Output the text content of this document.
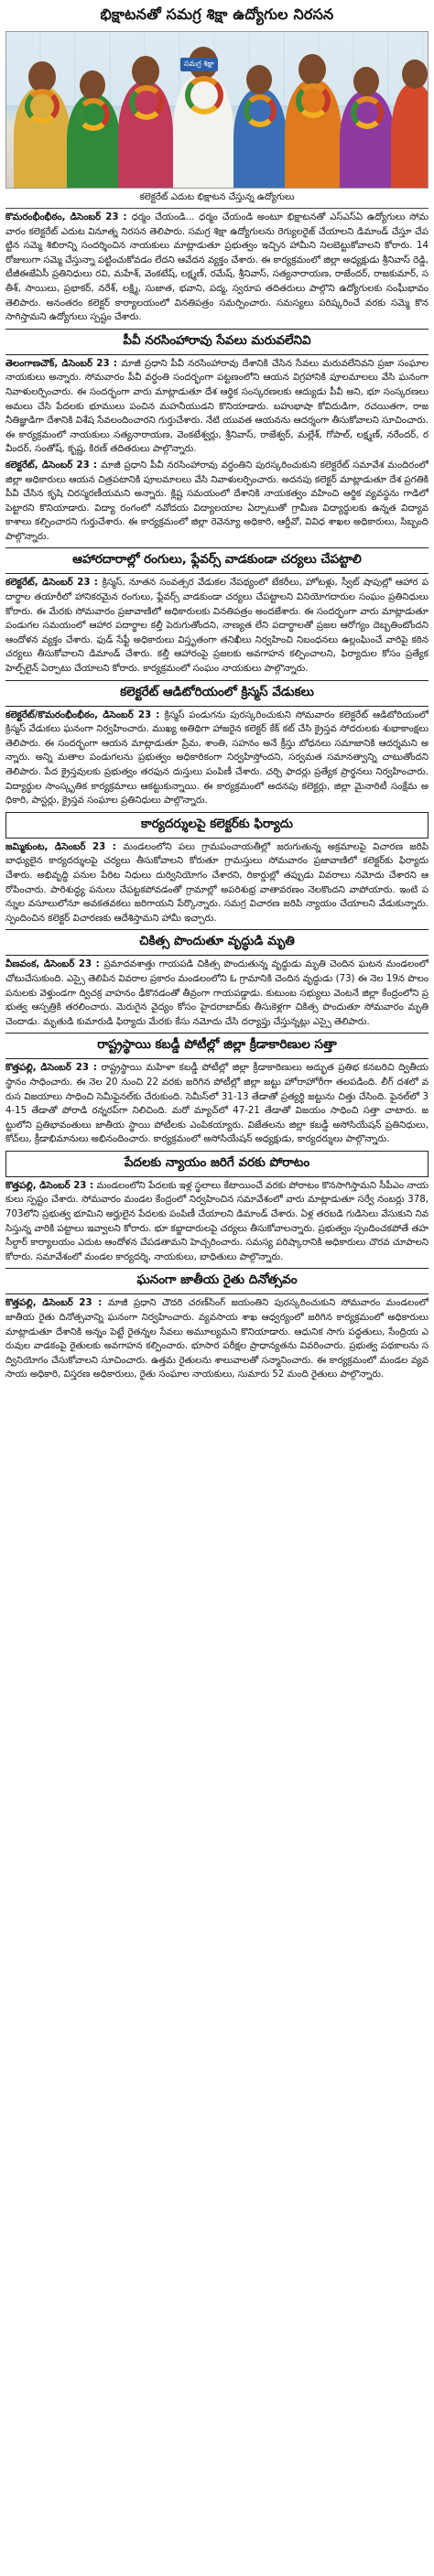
భిక్షాటనతో సమగ్ర శిక్షా ఉద్యోగుల నిరసన
సమగ్ర శిక్షా
కలెక్టరేట్ ఎదుట భిక్షాటన చేస్తున్న ఉద్యోగులు

కొమరంభీంభీఠం, డిసెంబర్ 23 : ధర్మం చేయండి... ధర్మం చేయండి అంటూ భిక్షాటనతో ఎస్ఎస్ఏ ఉద్యోగులు సోమవారం కలెక్టరేట్ ఎదుట వినూత్న నిరసన తెలిపారు. సమగ్ర శిక్షా ఉద్యోగులను రెగ్యులరైజ్ చేయాలని డిమాండ్ చేస్తూ చేపట్టిన సమ్మె శిబిరాన్ని సందర్శించిన నాయకులు మాట్లాడుతూ ప్రభుత్వం ఇచ్చిన హామీని నిలబెట్టుకోవాలని కోరారు. 14 రోజులుగా సమ్మె చేస్తున్నా పట్టించుకోవడం లేదని ఆవేదన వ్యక్తం చేశారు. ఈ కార్యక్రమంలో జిల్లా అధ్యక్షుడు శ్రీనివాస్ రెడ్డి, టీజీఈజేఏసీ ప్రతినిధులు రవి, మహేశ్, వెంకటేష్, లక్ష్మణ్, రమేష్, శ్రీనివాస్, సత్యనారాయణ, రాజేందర్, రాజకుమార్, సతీశ్, సాయిలు, ప్రభాకర్, నరేశ్, లక్ష్మి, సుజాత, భవాని, పద్మ, స్వరూప తదితరులు పాల్గొని ఉద్యోగులకు సంఘీభావం తెలిపారు. అనంతరం కలెక్టర్ కార్యాలయంలో వినతిపత్రం సమర్పించారు. సమస్యలు పరిష్కరించే వరకు సమ్మె కొనసాగిస్తామని ఉద్యోగులు స్పష్టం చేశారు.

పీవీ నరసింహారావు సేవలు మరువలేనివి

తెలంగాణచౌక్, డిసెంబర్ 23 : మాజీ ప్రధాని పీవీ నరసింహారావు దేశానికి చేసిన సేవలు మరువలేనివని ప్రజా సంఘాల నాయకులు అన్నారు. సోమవారం పీవీ వర్ధంతి సందర్భంగా పట్టణంలోని ఆయన విగ్రహానికి పూలమాలలు వేసి ఘనంగా నివాళులర్పించారు. ఈ సందర్భంగా వారు మాట్లాడుతూ దేశ ఆర్థిక సంస్కరణలకు ఆద్యుడు పీవీ అని, భూ సంస్కరణలు అమలు చేసి పేదలకు భూములు పంచిన మహనీయుడని కొనియాడారు. బహుభాషా కోవిదుడిగా, రచయితగా, రాజనీతిజ్ఞుడిగా దేశానికి విశేష సేవలందించారని గుర్తుచేశారు. నేటి యువత ఆయనను ఆదర్శంగా తీసుకోవాలని సూచించారు. ఈ కార్యక్రమంలో నాయకులు సత్యనారాయణ, వెంకటేశ్వర్లు, శ్రీనివాస్, రాజేశ్వర్, మల్లేశ్, గోపాల్, లక్ష్మణ్, నరేందర్, రవీందర్, సంతోష్, కృష్ణ, కిరణ్ తదితరులు పాల్గొన్నారు.

కలెక్టరేట్, డిసెంబర్ 23 : మాజీ ప్రధాని పీవీ నరసింహారావు వర్ధంతిని పురస్కరించుకుని కలెక్టరేట్ సమావేశ మందిరంలో జిల్లా అధికారులు ఆయన చిత్రపటానికి పూలమాలలు వేసి నివాళులర్పించారు. అదనపు కలెక్టర్ మాట్లాడుతూ దేశ ప్రగతికి పీవీ చేసిన కృషి చిరస్మరణీయమని అన్నారు. క్లిష్ట సమయంలో దేశానికి నాయకత్వం వహించి ఆర్థిక వ్యవస్థను గాడిలో పెట్టారని కొనియాడారు. విద్యా రంగంలో నవోదయ విద్యాలయాల ఏర్పాటుతో గ్రామీణ విద్యార్థులకు ఉన్నత విద్యావకాశాలు కల్పించారని గుర్తుచేశారు. ఈ కార్యక్రమంలో జిల్లా రెవెన్యూ అధికారి, ఆర్డీవో, వివిధ శాఖల అధికారులు, సిబ్బంది పాల్గొన్నారు.

ఆహారదారాల్లో రంగులు, ఫ్లేవర్స్ వాడకుండా చర్యలు చేపట్టాలి

కలెక్టరేట్, డిసెంబర్ 23 : క్రిస్మస్, నూతన సంవత్సర వేడుకల నేపథ్యంలో బేకరీలు, హోటళ్లు, స్వీట్ షాపుల్లో ఆహార పదార్థాల తయారీలో హానికరమైన రంగులు, ఫ్లేవర్స్ వాడకుండా చర్యలు చేపట్టాలని వినియోగదారుల సంఘం ప్రతినిధులు కోరారు. ఈ మేరకు సోమవారం ప్రజావాణిలో అధికారులకు వినతిపత్రం అందజేశారు. ఈ సందర్భంగా వారు మాట్లాడుతూ పండుగల సమయంలో ఆహార పదార్థాల కల్తీ పెరుగుతోందని, నాణ్యత లేని పదార్థాలతో ప్రజల ఆరోగ్యం దెబ్బతింటోందని ఆందోళన వ్యక్తం చేశారు. ఫుడ్ సేఫ్టీ అధికారులు విస్తృతంగా తనిఖీలు నిర్వహించి నిబంధనలు ఉల్లంఘించే వారిపై కఠిన చర్యలు తీసుకోవాలని డిమాండ్ చేశారు. కల్తీ ఆహారంపై ప్రజలకు అవగాహన కల్పించాలని, ఫిర్యాదుల కోసం ప్రత్యేక హెల్ప్‌లైన్ ఏర్పాటు చేయాలని కోరారు. కార్యక్రమంలో సంఘం నాయకులు పాల్గొన్నారు.

కలెక్టరేట్ ఆడిటోరియంలో క్రిస్మస్ వేడుకలు

కలెక్టరేట్/కొమరంభీంభీఠం, డిసెంబర్ 23 : క్రిస్మస్ పండుగను పురస్కరించుకుని సోమవారం కలెక్టరేట్ ఆడిటోరియంలో క్రిస్మస్ వేడుకలు ఘనంగా నిర్వహించారు. ముఖ్య అతిథిగా హాజరైన కలెక్టర్ కేక్ కట్ చేసి క్రైస్తవ సోదరులకు శుభాకాంక్షలు తెలిపారు. ఈ సందర్భంగా ఆయన మాట్లాడుతూ ప్రేమ, శాంతి, సహనం అనే క్రీస్తు బోధనలు సమాజానికి ఆదర్శమని అన్నారు. అన్ని మతాల పండుగలను ప్రభుత్వం అధికారికంగా నిర్వహిస్తోందని, సర్వమత సమానత్వాన్ని చాటుతోందని తెలిపారు. పేద క్రైస్తవులకు ప్రభుత్వం తరఫున దుస్తులు పంపిణీ చేశారు. చర్చి ఫాదర్లు ప్రత్యేక ప్రార్థనలు నిర్వహించారు. విద్యార్థుల సాంస్కృతిక కార్యక్రమాలు ఆకట్టుకున్నాయి. ఈ కార్యక్రమంలో అదనపు కలెక్టర్లు, జిల్లా మైనారిటీ సంక్షేమ అధికారి, పాస్టర్లు, క్రైస్తవ సంఘాల ప్రతినిధులు పాల్గొన్నారు.

కార్యదర్శులపై కలెక్టర్‌కు ఫిర్యాదు

జమ్మికుంట, డిసెంబర్ 23 : మండలంలోని పలు గ్రామపంచాయతీల్లో జరుగుతున్న అక్రమాలపై విచారణ జరిపి బాధ్యులైన కార్యదర్శులపై చర్యలు తీసుకోవాలని కోరుతూ గ్రామస్తులు సోమవారం ప్రజావాణిలో కలెక్టర్‌కు ఫిర్యాదు చేశారు. అభివృద్ధి పనుల పేరిట నిధులు దుర్వినియోగం చేశారని, రికార్డుల్లో తప్పుడు వివరాలు నమోదు చేశారని ఆరోపించారు. పారిశుద్ధ్య పనులు చేపట్టకపోవడంతో గ్రామాల్లో అపరిశుభ్ర వాతావరణం నెలకొందని వాపోయారు. ఇంటి పన్నుల వసూలులోనూ అవకతవకలు జరిగాయని పేర్కొన్నారు. సమగ్ర విచారణ జరిపి న్యాయం చేయాలని వేడుకున్నారు. స్పందించిన కలెక్టర్ విచారణకు ఆదేశిస్తామని హామీ ఇచ్చారు.

చికిత్స పొందుతూ వృద్ధుడి మృతి

వీణవంక, డిసెంబర్ 23 : ప్రమాదవశాత్తు గాయపడి చికిత్స పొందుతున్న వృద్ధుడు మృతి చెందిన ఘటన మండలంలో చోటుచేసుకుంది. ఎస్సై తెలిపిన వివరాల ప్రకారం మండలంలోని ఓ గ్రామానికి చెందిన వృద్ధుడు (73) ఈ నెల 19న పొలం పనులకు వెళ్తుండగా ద్విచక్ర వాహనం ఢీకొనడంతో తీవ్రంగా గాయపడ్డాడు. కుటుంబ సభ్యులు వెంటనే జిల్లా కేంద్రంలోని ప్రభుత్వ ఆస్పత్రికి తరలించారు. మెరుగైన వైద్యం కోసం హైదరాబాద్‌కు తీసుకెళ్లగా చికిత్స పొందుతూ సోమవారం మృతి చెందాడు. మృతుడి కుమారుడి ఫిర్యాదు మేరకు కేసు నమోదు చేసి దర్యాప్తు చేస్తున్నట్లు ఎస్సై తెలిపారు.

రాష్ట్రస్థాయి కబడ్డీ పోటీల్లో జిల్లా క్రీడాకారిణుల సత్తా

కొత్తపల్లి, డిసెంబర్ 23 : రాష్ట్రస్థాయి మహిళా కబడ్డీ పోటీల్లో జిల్లా క్రీడాకారిణులు అద్భుత ప్రతిభ కనబరిచి ద్వితీయ స్థానం సాధించారు. ఈ నెల 20 నుంచి 22 వరకు జరిగిన పోటీల్లో జిల్లా జట్టు హోరాహోరీగా తలపడింది. లీగ్ దశలో వరుస విజయాలు సాధించి సెమీఫైనల్‌కు చేరుకుంది. సెమీస్‌లో 31-13 తేడాతో ప్రత్యర్థి జట్టును చిత్తు చేసింది. ఫైనల్‌లో 34-15 తేడాతో పోరాడి రన్నరప్‌గా నిలిచింది. మరో మ్యాచ్‌లో 47-21 తేడాతో విజయం సాధించి సత్తా చాటారు. జట్టులోని ప్రతిభావంతులు జాతీయ స్థాయి పోటీలకు ఎంపికయ్యారు. విజేతలను జిల్లా కబడ్డీ అసోసియేషన్ ప్రతినిధులు, కోచ్‌లు, క్రీడాభిమానులు అభినందించారు. కార్యక్రమంలో అసోసియేషన్ అధ్యక్షుడు, కార్యదర్శులు పాల్గొన్నారు.

పేదలకు న్యాయం జరిగే వరకు పోరాటం

కొత్తపల్లి, డిసెంబర్ 23 : మండలంలోని పేదలకు ఇళ్ల స్థలాలు కేటాయించే వరకు పోరాటం కొనసాగిస్తామని సీపీఎం నాయకులు స్పష్టం చేశారు. సోమవారం మండల కేంద్రంలో నిర్వహించిన సమావేశంలో వారు మాట్లాడుతూ సర్వే నంబర్లు 378, 703లోని ప్రభుత్వ భూమిని అర్హులైన పేదలకు పంపిణీ చేయాలని డిమాండ్ చేశారు. ఏళ్ల తరబడి గుడిసెలు వేసుకుని నివసిస్తున్న వారికి పట్టాలు ఇవ్వాలని కోరారు. భూ కబ్జాదారులపై చర్యలు తీసుకోవాలన్నారు. ప్రభుత్వం స్పందించకపోతే తహసీల్దార్ కార్యాలయం ఎదుట ఆందోళన చేపడతామని హెచ్చరించారు. సమస్య పరిష్కారానికి అధికారులు చొరవ చూపాలని కోరారు. సమావేశంలో మండల కార్యదర్శి, నాయకులు, బాధితులు పాల్గొన్నారు.

ఘనంగా జాతీయ రైతు దినోత్సవం

కొత్తపల్లి, డిసెంబర్ 23 : మాజీ ప్రధాని చౌదరి చరణ్‌సింగ్ జయంతిని పురస్కరించుకుని సోమవారం మండలంలో జాతీయ రైతు దినోత్సవాన్ని ఘనంగా నిర్వహించారు. వ్యవసాయ శాఖ ఆధ్వర్యంలో జరిగిన కార్యక్రమంలో అధికారులు మాట్లాడుతూ దేశానికి అన్నం పెట్టే రైతన్నల సేవలు అమూల్యమని కొనియాడారు. ఆధునిక సాగు పద్ధతులు, సేంద్రియ ఎరువుల వాడకంపై రైతులకు అవగాహన కల్పించారు. భూసార పరీక్షల ప్రాధాన్యతను వివరించారు. ప్రభుత్వ పథకాలను సద్వినియోగం చేసుకోవాలని సూచించారు. ఉత్తమ రైతులను శాలువాలతో సన్మానించారు. ఈ కార్యక్రమంలో మండల వ్యవసాయ అధికారి, విస్తరణ అధికారులు, రైతు సంఘాల నాయకులు, సుమారు 52 మంది రైతులు పాల్గొన్నారు.
